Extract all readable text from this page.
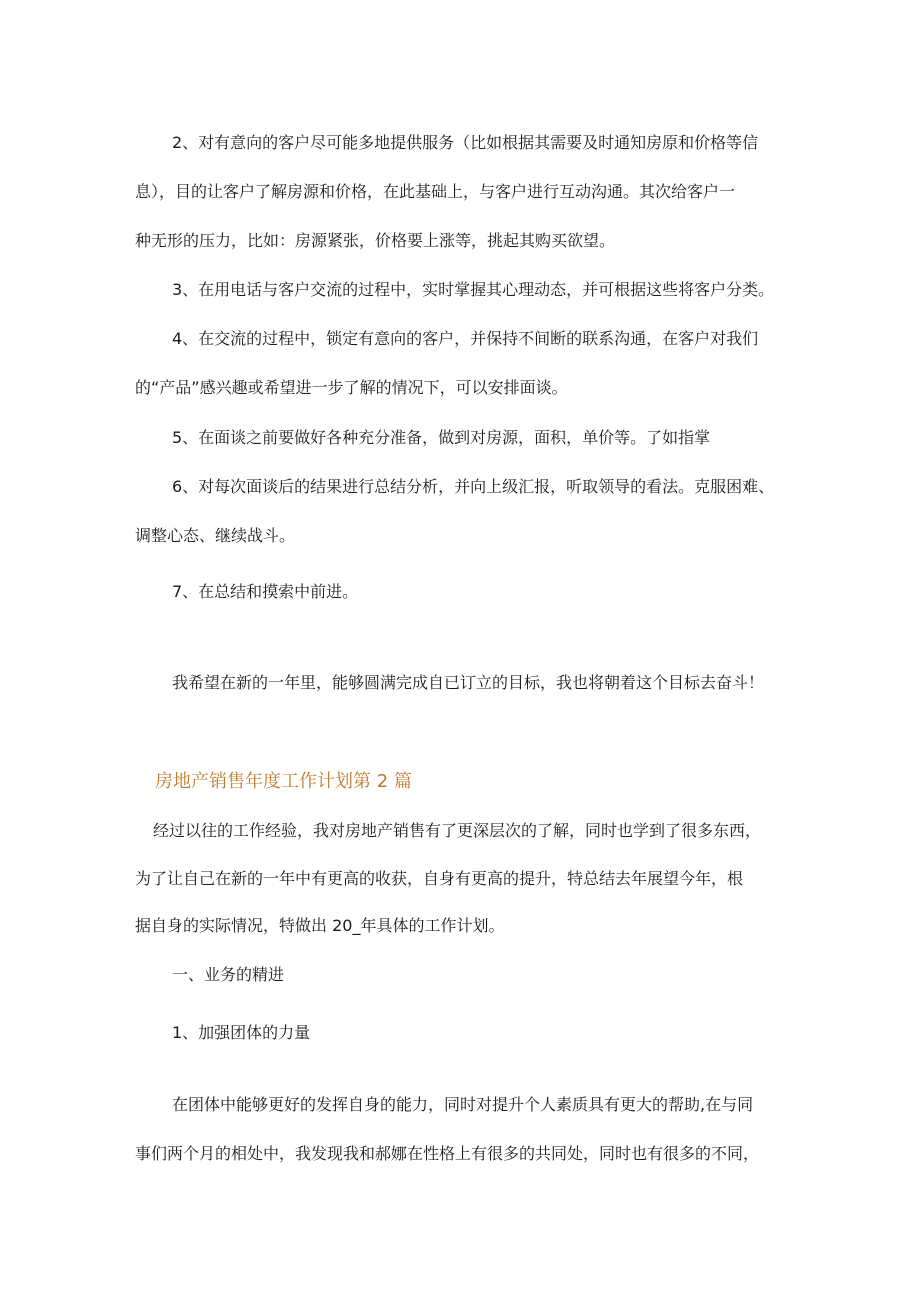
2、对有意向的客户尽可能多地提供服务（比如根据其需要及时通知房原和价格等信
息），目的让客户了解房源和价格，在此基础上，与客户进行互动沟通。其次给客户一
种无形的压力，比如：房源紧张，价格要上涨等，挑起其购买欲望。
3、在用电话与客户交流的过程中，实时掌握其心理动态，并可根据这些将客户分类。
4、在交流的过程中，锁定有意向的客户，并保持不间断的联系沟通，在客户对我们
的“产品”感兴趣或希望进一步了解的情况下，可以安排面谈。
5、在面谈之前要做好各种充分准备，做到对房源，面积，单价等。了如指掌
6、对每次面谈后的结果进行总结分析，并向上级汇报，听取领导的看法。克服困难、
调整心态、继续战斗。
7、在总结和摸索中前进。
我希望在新的一年里，能够圆满完成自已订立的目标，我也将朝着这个目标去奋斗！
房地产销售年度工作计划第 2 篇
经过以往的工作经验，我对房地产销售有了更深层次的了解，同时也学到了很多东西，
为了让自己在新的一年中有更高的收获，自身有更高的提升，特总结去年展望今年，根
据自身的实际情况，特做出 20_年具体的工作计划。
一、业务的精进
1、加强团体的力量
在团体中能够更好的发挥自身的能力，同时对提升个人素质具有更大的帮助,在与同
事们两个月的相处中，我发现我和郝娜在性格上有很多的共同处，同时也有很多的不同，
